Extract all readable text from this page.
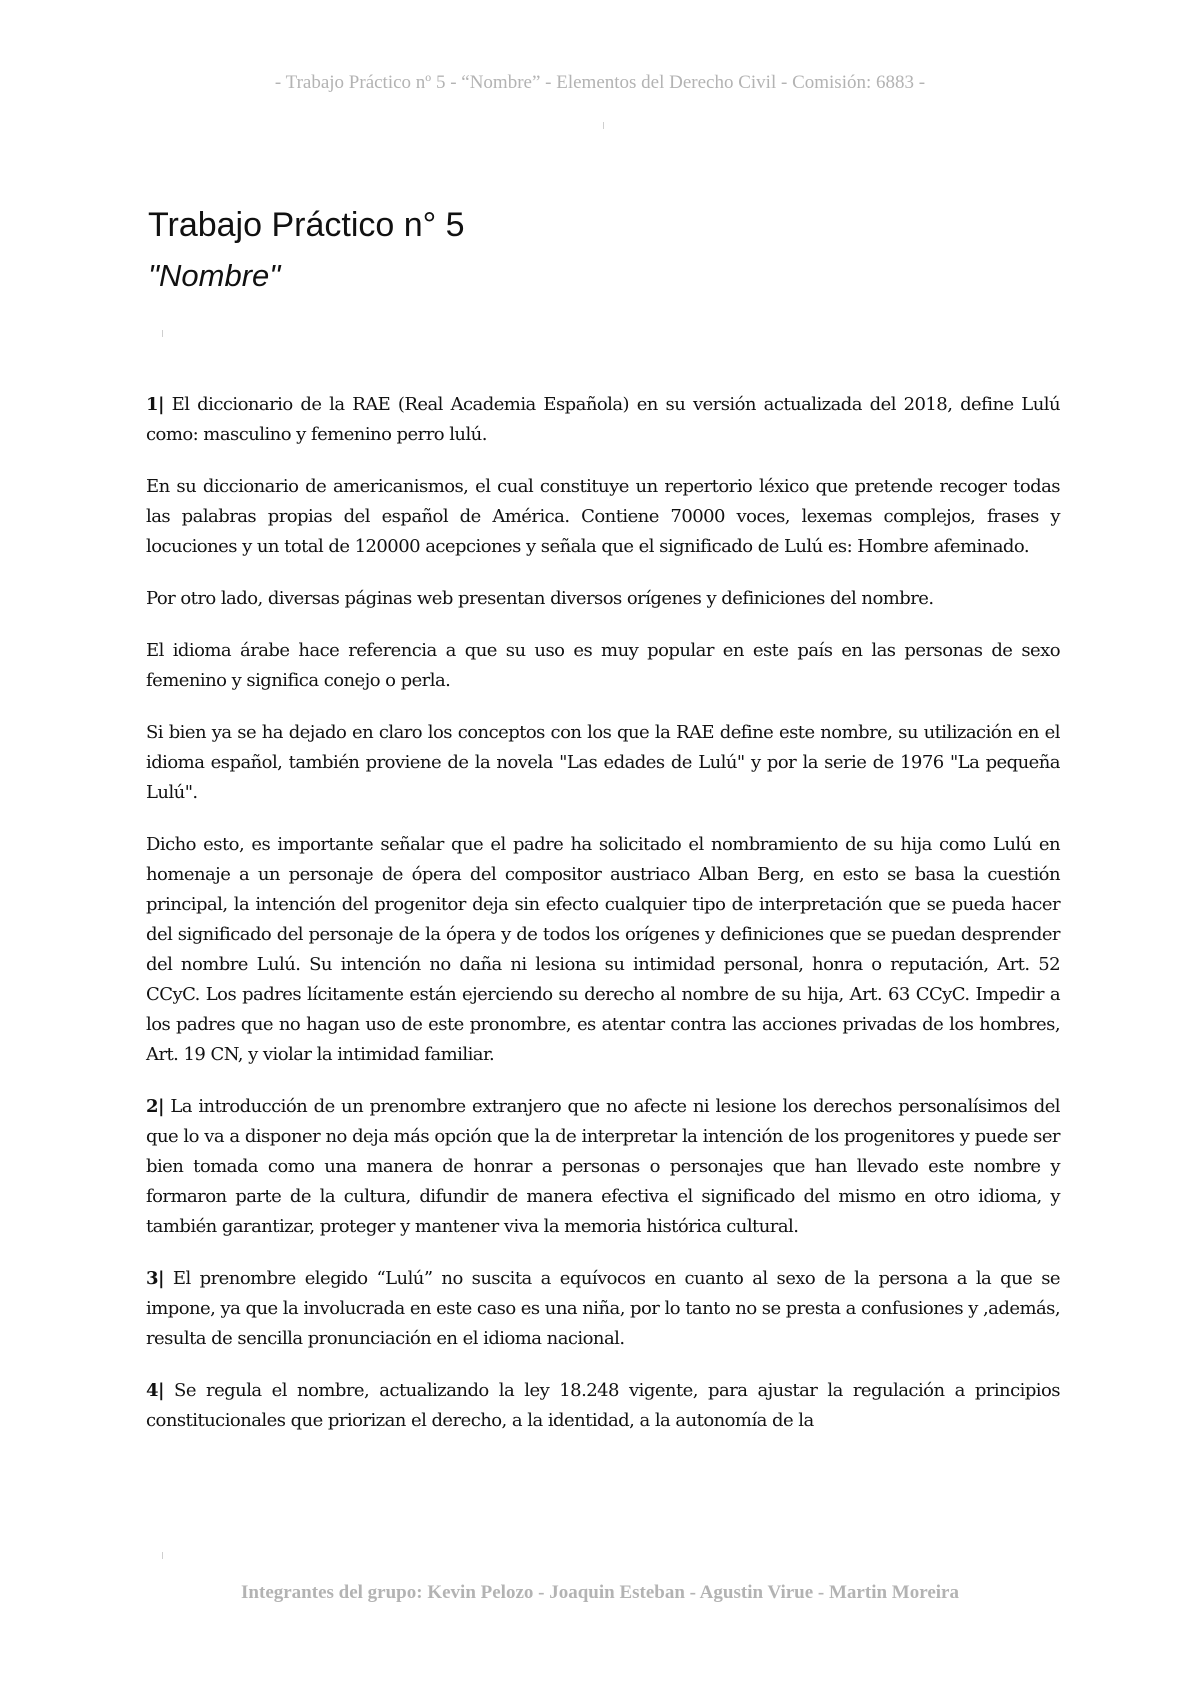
- Trabajo Práctico nº 5 - “Nombre” - Elementos del Derecho Civil - Comisión: 6883 -
Trabajo Práctico n° 5
"Nombre"

1| El diccionario de la RAE (Real Academia Española) en su versión actualizada del 2018, define Lulú como: masculino y femenino perro lulú.

En su diccionario de americanismos, el cual constituye un repertorio léxico que pretende recoger todas las palabras propias del español de América. Contiene 70000 voces, lexemas complejos, frases y locuciones y un total de 120000 acepciones y señala que el significado de Lulú es: Hombre afeminado.

Por otro lado, diversas páginas web presentan diversos orígenes y definiciones del nombre.

El idioma árabe hace referencia a que su uso es muy popular en este país en las personas de sexo femenino y significa conejo o perla.

Si bien ya se ha dejado en claro los conceptos con los que la RAE define este nombre, su utilización en el idioma español, también proviene de la novela "Las edades de Lulú" y por la serie de 1976 "La pequeña Lulú".

Dicho esto, es importante señalar que el padre ha solicitado el nombramiento de su hija como Lulú en homenaje a un personaje de ópera del compositor austriaco Alban Berg, en esto se basa la cuestión principal, la intención del progenitor deja sin efecto cualquier tipo de interpretación que se pueda hacer del significado del personaje de la ópera y de todos los orígenes y definiciones que se puedan desprender del nombre Lulú. Su intención no daña ni lesiona su intimidad personal, honra o reputación, Art. 52 CCyC. Los padres lícitamente están ejerciendo su derecho al nombre de su hija, Art. 63 CCyC. Impedir a los padres que no hagan uso de este pronombre, es atentar contra las acciones privadas de los hombres, Art. 19 CN, y violar la intimidad familiar.

2| La introducción de un prenombre extranjero que no afecte ni lesione los derechos personalísimos del que lo va a disponer no deja más opción que la de interpretar la intención de los progenitores y puede ser bien tomada como una manera de honrar a personas o personajes que han llevado este nombre y formaron parte de la cultura, difundir de manera efectiva el significado del mismo en otro idioma, y también garantizar, proteger y mantener viva la memoria histórica cultural.

3| El prenombre elegido “Lulú” no suscita a equívocos en cuanto al sexo de la persona a la que se impone, ya que la involucrada en este caso es una niña, por lo tanto no se presta a confusiones y ,además, resulta de sencilla pronunciación en el idioma nacional.

4| Se regula el nombre, actualizando la ley 18.248 vigente, para ajustar la regulación a principios constitucionales que priorizan el derecho, a la identidad, a la autonomía de la

Integrantes del grupo: Kevin Pelozo - Joaquin Esteban - Agustin Virue - Martin Moreira
